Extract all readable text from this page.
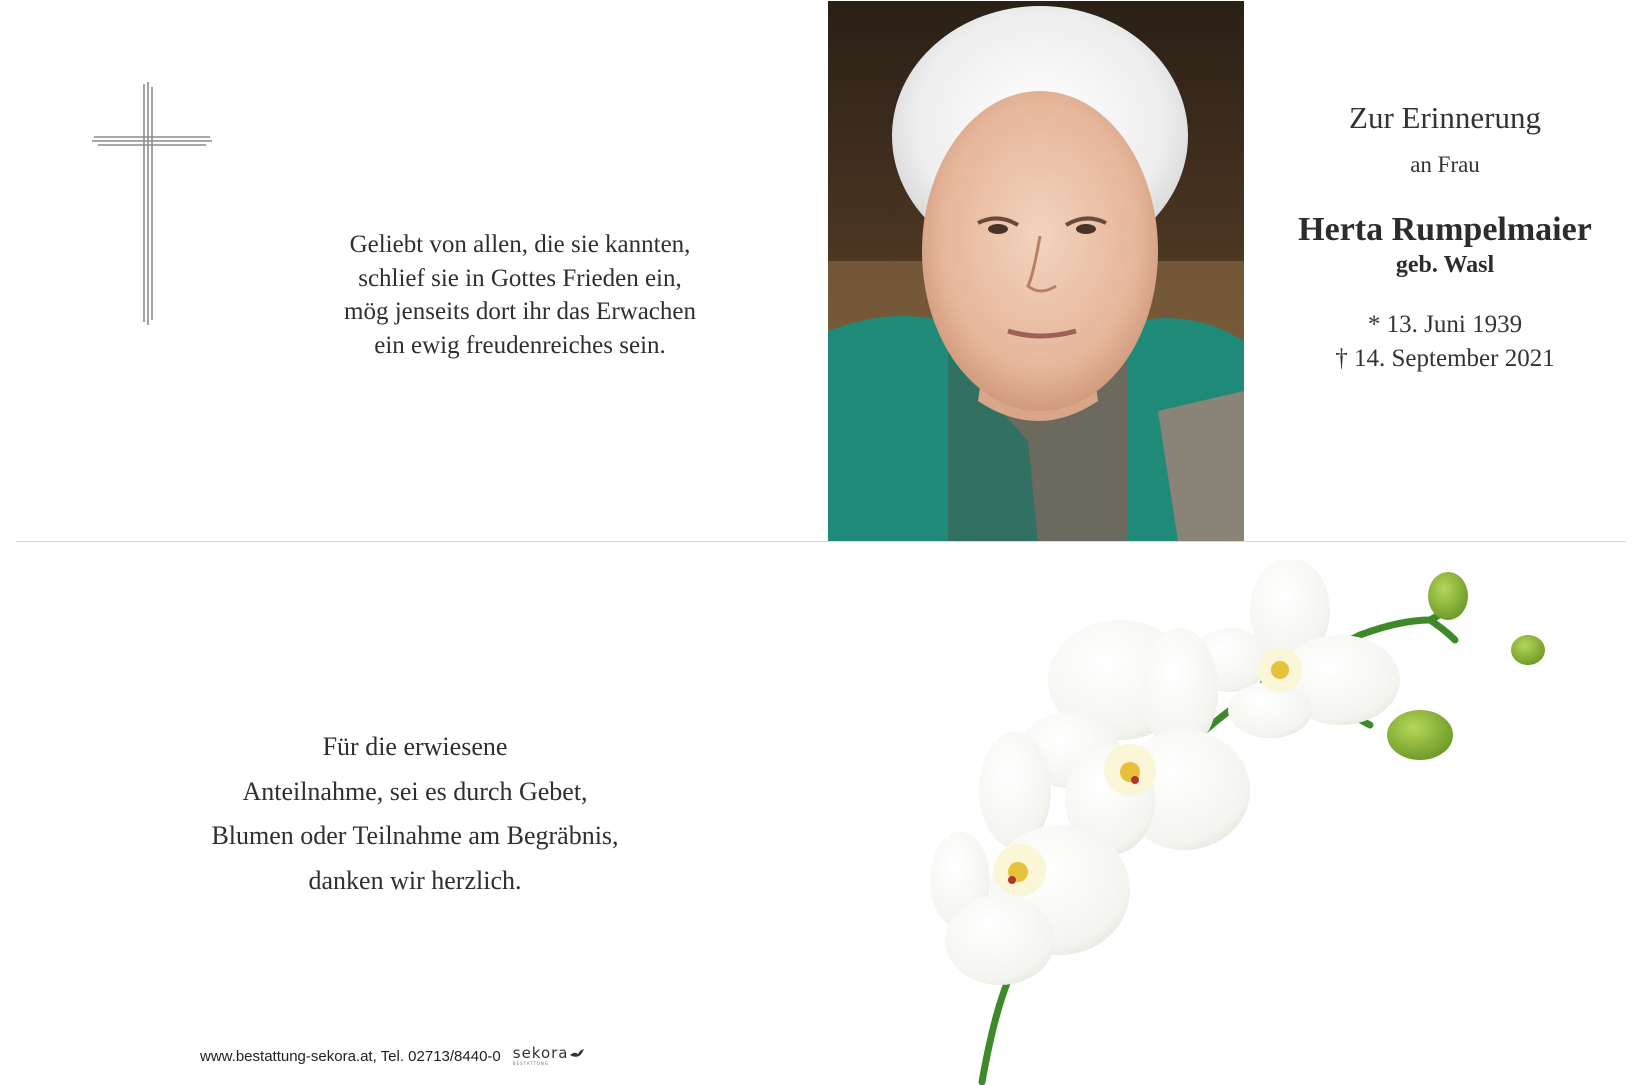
Geliebt von allen, die sie kannten,
schlief sie in Gottes Frieden ein,
mög jenseits dort ihr das Erwachen
ein ewig freudenreiches sein.
Zur Erinnerung
an Frau
Herta Rumpelmaier
geb. Wasl
* 13. Juni 1939
† 14. September 2021
Für die erwiesene
Anteilnahme, sei es durch Gebet,
Blumen oder Teilnahme am Begräbnis,
danken wir herzlich.
www.bestattung-sekora.at, Tel. 02713/8440-0 sekora
BESTATTUNG
